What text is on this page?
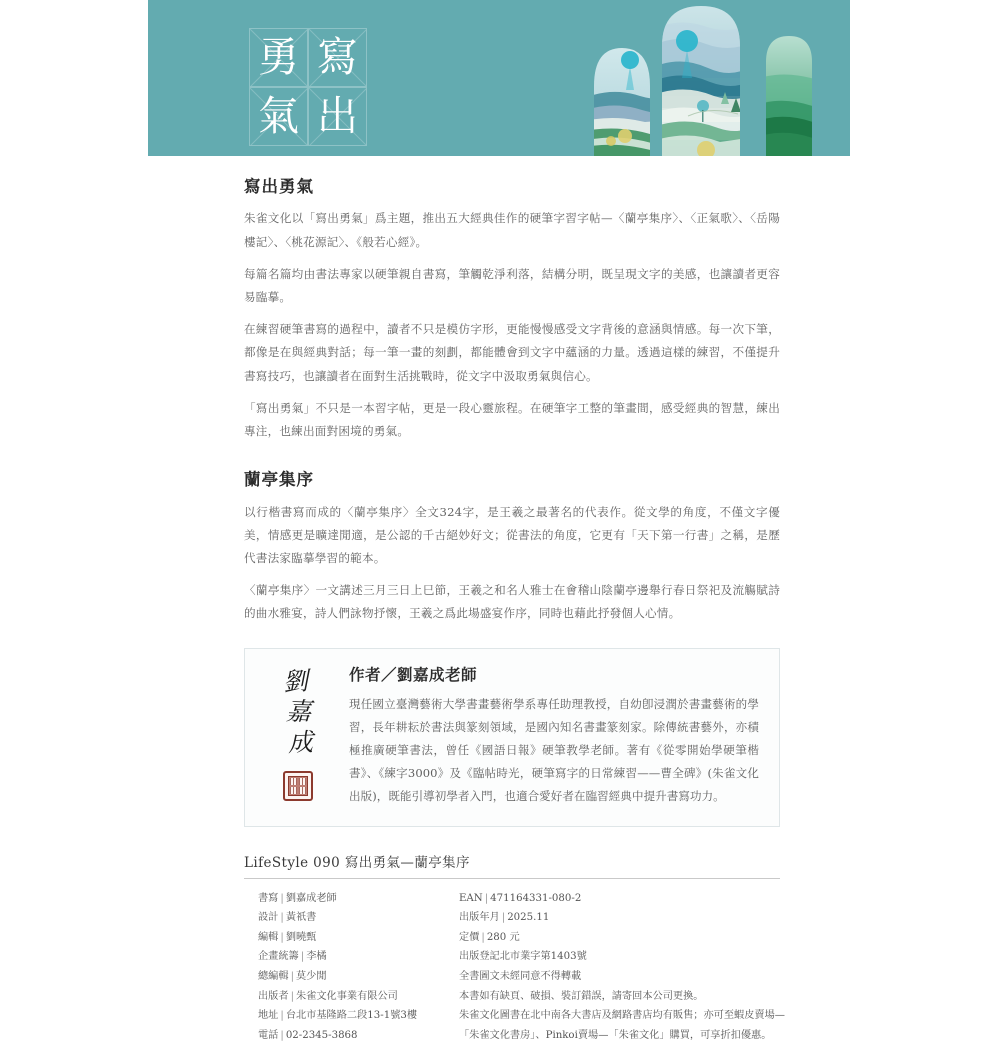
勇 寫
氣 出
寫出勇氣

朱雀文化以「寫出勇氣」爲主題，推出五大經典佳作的硬筆字習字帖—〈蘭亭集序〉、〈正氣歌〉、〈岳陽樓記〉、〈桃花源記〉、《般若心經》。

每篇名篇均由書法專家以硬筆親自書寫，筆觸乾淨利落，結構分明，既呈現文字的美感，也讓讀者更容易臨摹。

在練習硬筆書寫的過程中，讀者不只是模仿字形，更能慢慢感受文字背後的意涵與情感。每一次下筆，都像是在與經典對話；每一筆一畫的刻劃，都能體會到文字中蘊涵的力量。透過這樣的練習，不僅提升書寫技巧，也讓讀者在面對生活挑戰時，從文字中汲取勇氣與信心。

「寫出勇氣」不只是一本習字帖，更是一段心靈旅程。在硬筆字工整的筆畫間，感受經典的智慧，練出專注，也練出面對困境的勇氣。

蘭亭集序

以行楷書寫而成的〈蘭亭集序〉全文324字，是王羲之最著名的代表作。從文學的角度，不僅文字優美，情感更是曠達閒適，是公認的千古絕妙好文；從書法的角度，它更有「天下第一行書」之稱，是歷代書法家臨摹學習的範本。

〈蘭亭集序〉一文講述三月三日上巳節，王羲之和名人雅士在會稽山陰蘭亭邊舉行春日祭祀及流觴賦詩的曲水雅宴，詩人們詠物抒懷，王羲之爲此場盛宴作序，同時也藉此抒發個人心情。

劉
嘉
成
作者／劉嘉成老師

現任國立臺灣藝術大學書畫藝術學系專任助理教授，自幼卽浸潤於書畫藝術的學習，長年耕耘於書法與篆刻領域，是國內知名書畫篆刻家。除傳統書藝外，亦積極推廣硬筆書法，曾任《國語日報》硬筆教學老師。著有《從零開始學硬筆楷書》、《練字3000》及《臨帖時光，硬筆寫字的日常練習——曹全碑》(朱雀文化出版)，既能引導初學者入門，也適合愛好者在臨習經典中提升書寫功力。

LifeStyle 090 寫出勇氣—蘭亭集序
書寫 | 劉嘉成老師
設計 | 黃祇書
編輯 | 劉曉甄
企畫統籌 | 李橘
總編輯 | 莫少閒
出版者 | 朱雀文化事業有限公司
地址 | 台北市基隆路二段13-1號3樓
電話 | 02-2345-3868
EAN | 471164331-080-2
出版年月 | 2025.11
定價 | 280 元
出版登記北市業字第1403號
全書圖文未經同意不得轉載
本書如有缺頁、破損、裝訂錯誤，請寄回本公司更換。
朱雀文化圖書在北中南各大書店及網路書店均有販售；亦可至蝦皮賣場—
「朱雀文化書房」、Pinkoi賣場—「朱雀文化」購買，可享折扣優惠。
